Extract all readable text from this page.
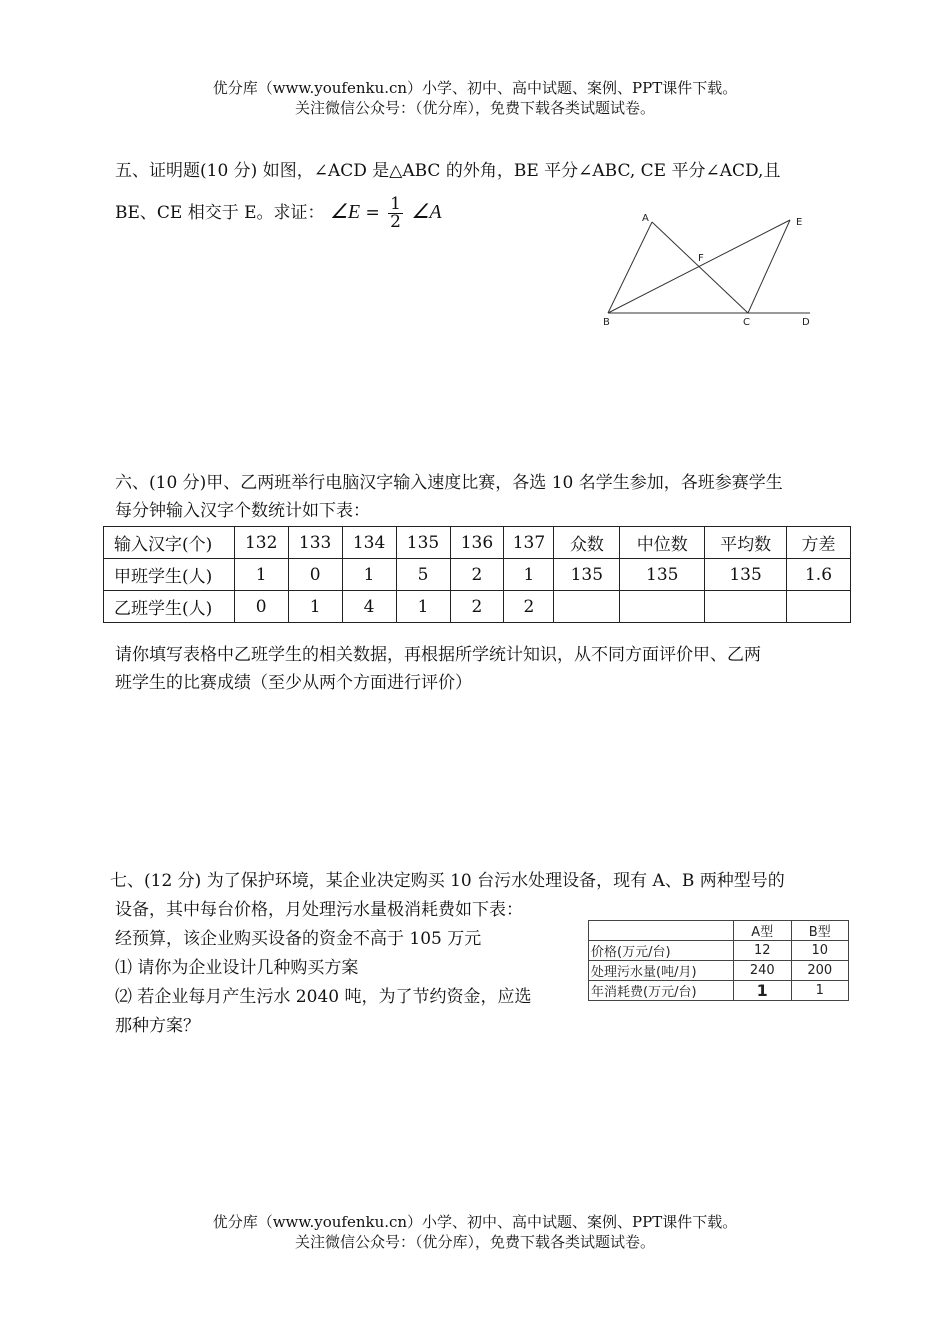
优分库（www.youfenku.cn）小学、初中、高中试题、案例、PPT课件下载。
关注微信公众号：（优分库），免费下载各类试题试卷。
五、证明题(10 分) 如图，∠ACD 是△ABC 的外角，BE 平分∠ABC, CE 平分∠ACD,且
BE、CE 相交于 E。求证： ∠E = $\frac{1}{2}$ ∠A	A
B	C	D
E
F
六、(10 分)甲、乙两班举行电脑汉字输入速度比赛，各选 10 名学生参加，各班参赛学生
每分钟输入汉字个数统计如下表：
输入汉字(个)	132	133	134	135	136	137	众数	中位数	平均数	方差
甲班学生(人)	1	0	1	5	2	1	135	135	135	1.6
乙班学生(人)	0	1	4	1	2	2				
请你填写表格中乙班学生的相关数据，再根据所学统计知识，从不同方面评价甲、乙两
班学生的比赛成绩（至少从两个方面进行评价）
七、(12 分) 为了保护环境，某企业决定购买 10 台污水处理设备，现有 A、B 两种型号的
设备，其中每台价格，月处理污水量极消耗费如下表：
经预算，该企业购买设备的资金不高于 105 万元
⑴ 请你为企业设计几种购买方案
⑵ 若企业每月产生污水 2040 吨，为了节约资金，应选
那种方案？
	A型	B型
价格(万元/台)	12	10
处理污水量(吨/月)	240	200
年消耗费(万元/台)	1	1
优分库（www.youfenku.cn）小学、初中、高中试题、案例、PPT课件下载。
关注微信公众号：（优分库），免费下载各类试题试卷。
